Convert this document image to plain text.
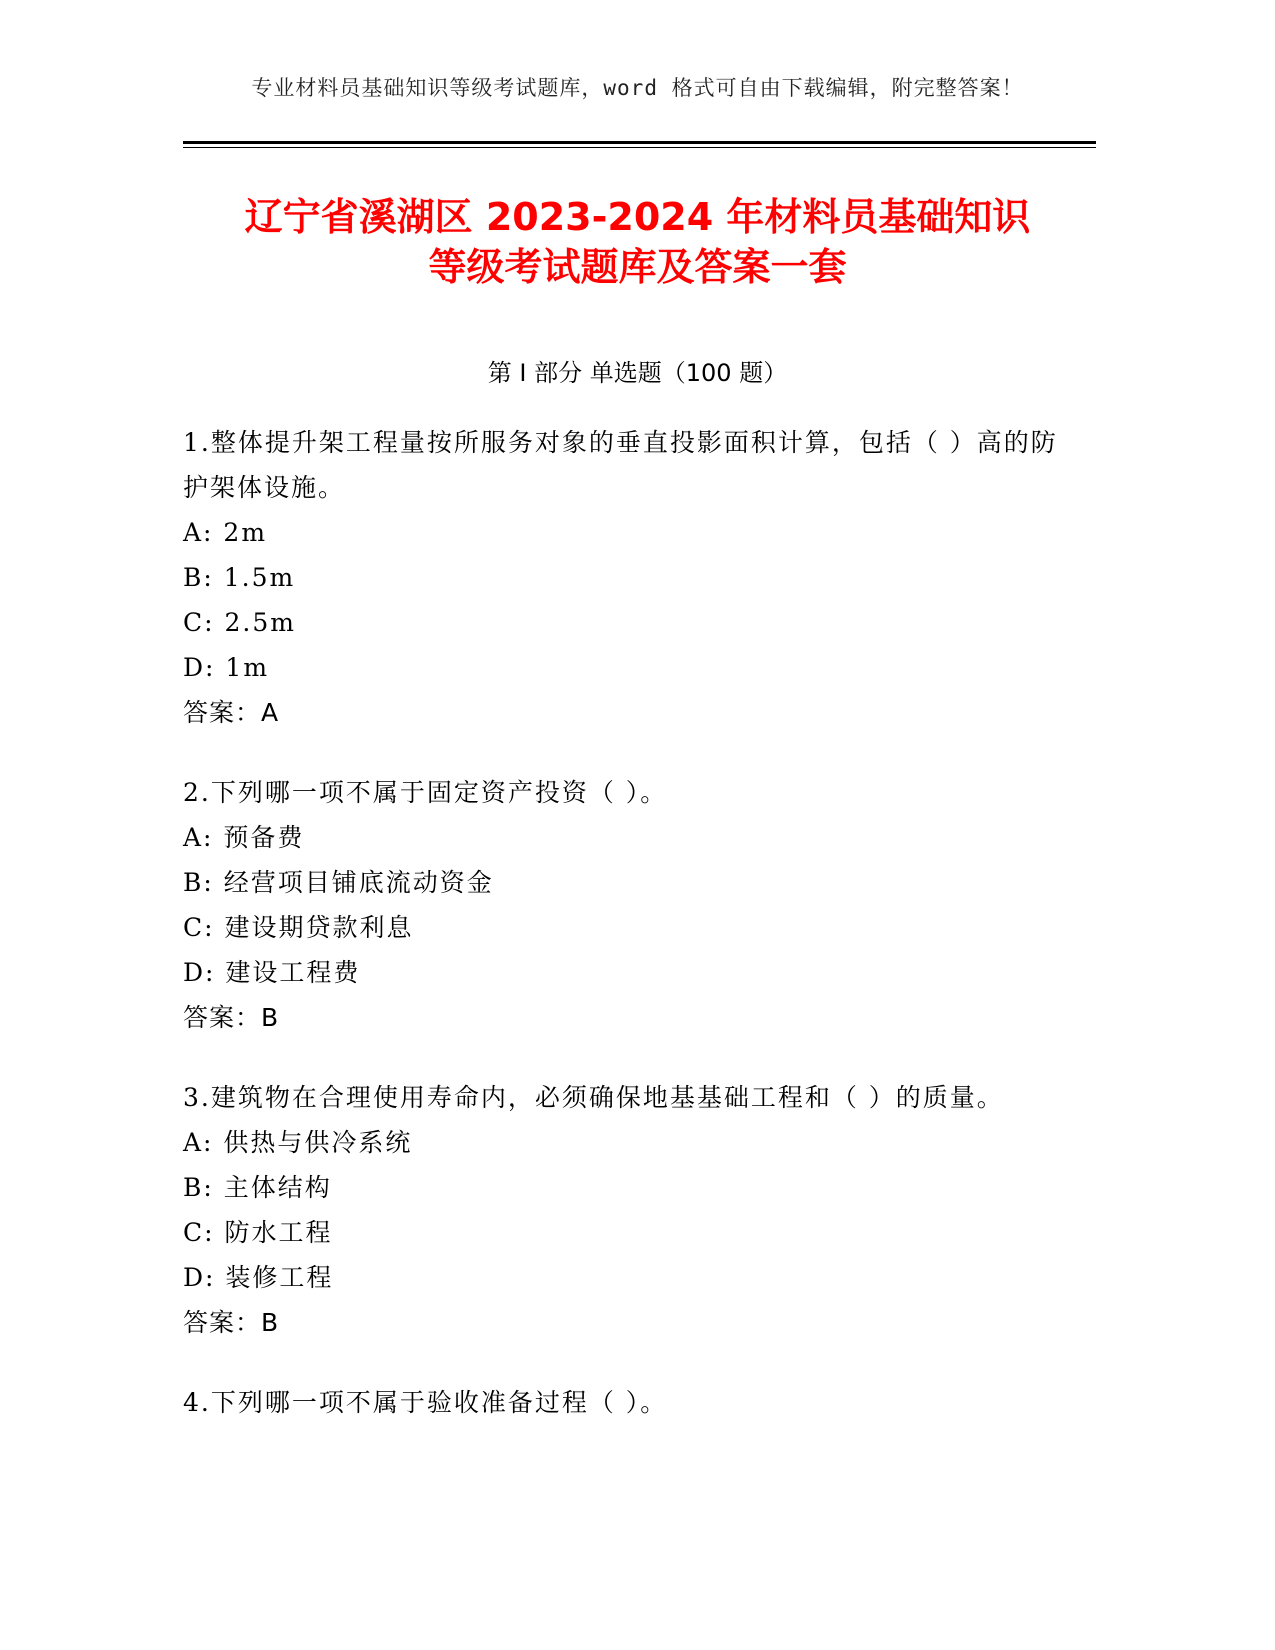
专业材料员基础知识等级考试题库，word 格式可自由下载编辑，附完整答案！
辽宁省溪湖区 2023-2024 年材料员基础知识
等级考试题库及答案一套
第 I 部分 单选题（100 题）

1.整体提升架工程量按所服务对象的垂直投影面积计算，包括（ ）高的防护架体设施。

A: 2m

B: 1.5m

C: 2.5m

D: 1m

答案：A

2.下列哪一项不属于固定资产投资（ ）。

A: 预备费

B: 经营项目铺底流动资金

C: 建设期贷款利息

D: 建设工程费

答案：B

3.建筑物在合理使用寿命内，必须确保地基基础工程和（ ）的质量。

A: 供热与供冷系统

B: 主体结构

C: 防水工程

D: 装修工程

答案：B

4.下列哪一项不属于验收准备过程（ ）。
